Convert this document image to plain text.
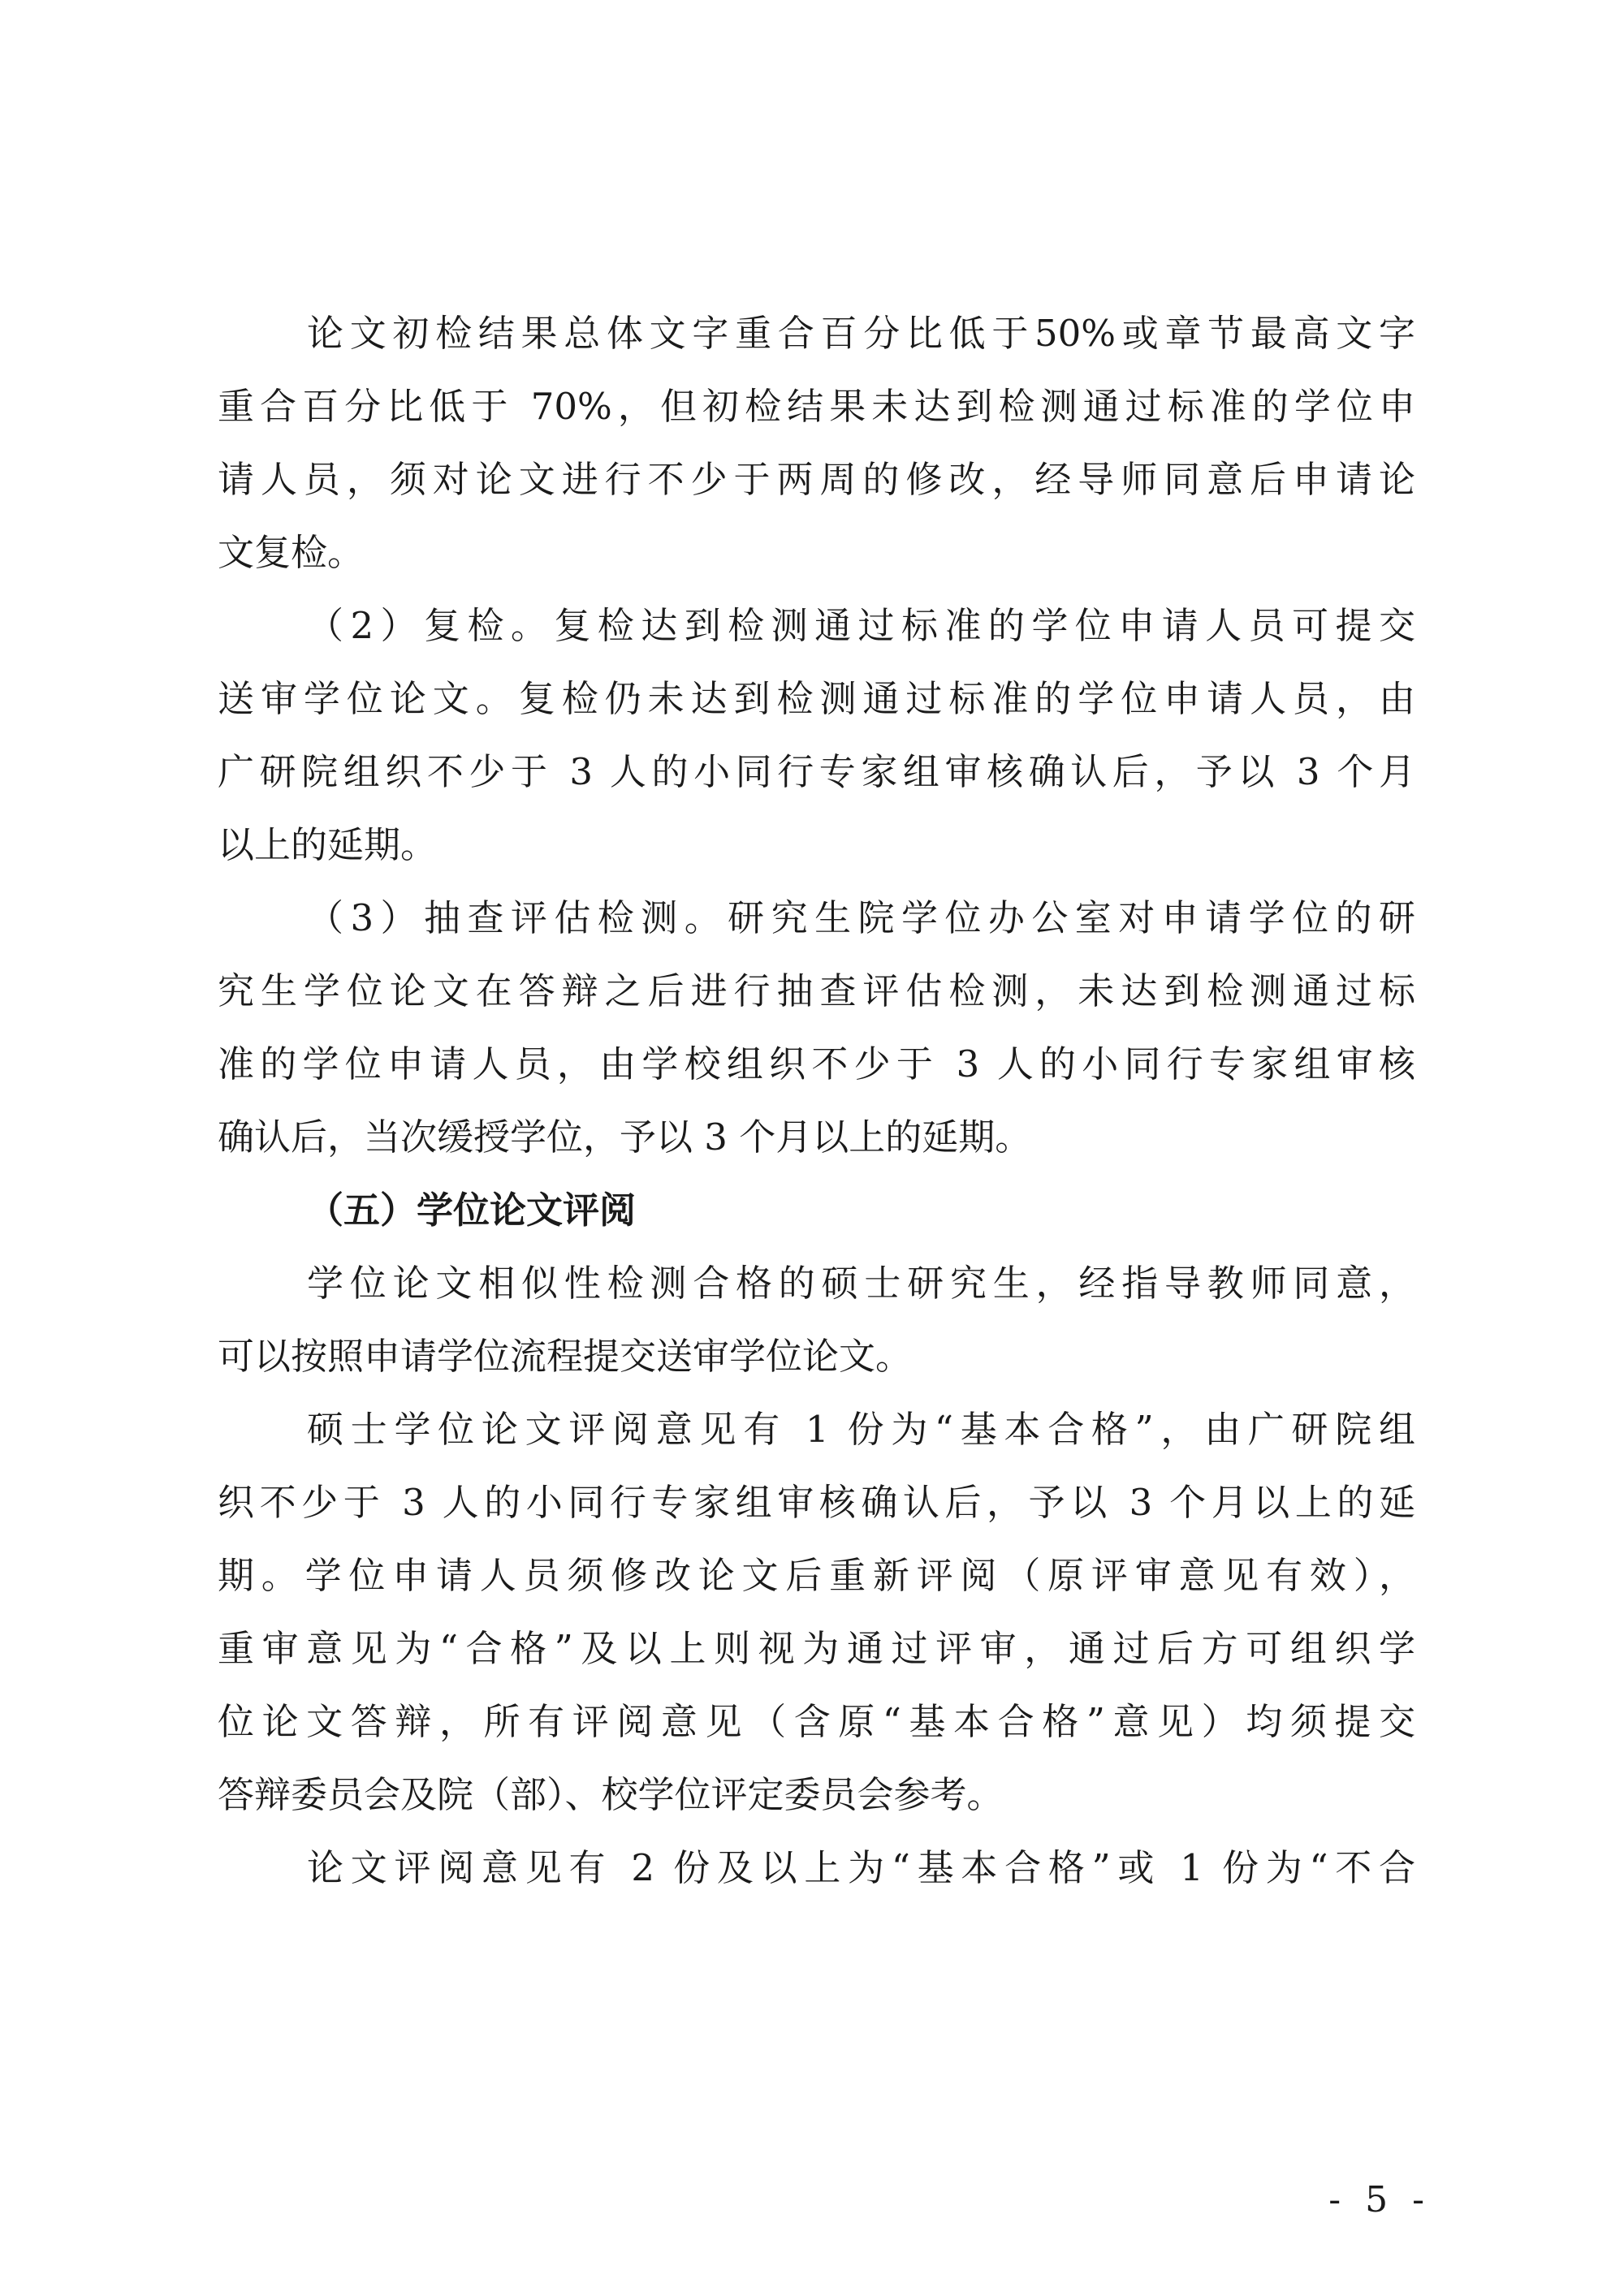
论文初检结果总体文字重合百分比低于50%或章节最高文字
重合百分比低于 70%，但初检结果未达到检测通过标准的学位申
请人员，须对论文进行不少于两周的修改，经导师同意后申请论
文复检。
（2）复检。复检达到检测通过标准的学位申请人员可提交
送审学位论文。复检仍未达到检测通过标准的学位申请人员，由
广研院组织不少于 3 人的小同行专家组审核确认后，予以 3 个月
以上的延期。
（3）抽查评估检测。研究生院学位办公室对申请学位的研
究生学位论文在答辩之后进行抽查评估检测，未达到检测通过标
准的学位申请人员，由学校组织不少于 3 人的小同行专家组审核
确认后，当次缓授学位，予以 3 个月以上的延期。
（五）学位论文评阅
学位论文相似性检测合格的硕士研究生，经指导教师同意，
可以按照申请学位流程提交送审学位论文。
硕士学位论文评阅意见有 1 份为“基本合格”，由广研院组
织不少于 3 人的小同行专家组审核确认后，予以 3 个月以上的延
期。学位申请人员须修改论文后重新评阅（原评审意见有效），
重审意见为“合格”及以上则视为通过评审，通过后方可组织学
位论文答辩，所有评阅意见（含原“基本合格”意见）均须提交
答辩委员会及院（部）、校学位评定委员会参考。
论文评阅意见有 2 份及以上为“基本合格”或 1 份为“不合
- 5 -
